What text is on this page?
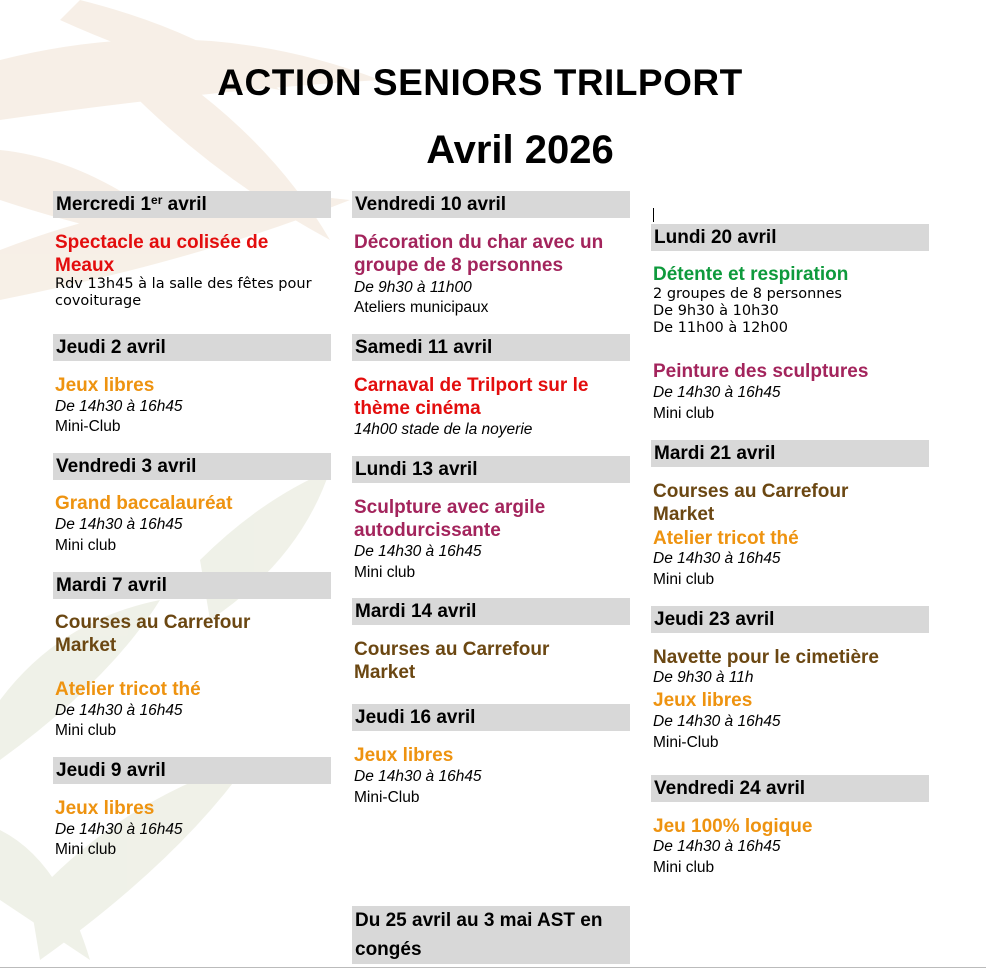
ACTION SENIORS TRILPORT
Avril 2026
Mercredi 1er avril
Spectacle au colisée de Meaux
Rdv 13h45 à la salle des fêtes pour covoiturage
Jeudi 2 avril
Jeux libres
De 14h30 à 16h45
Mini-Club
Vendredi 3 avril
Grand baccalauréat
De 14h30 à 16h45
Mini club
Mardi 7 avril
Courses au Carrefour Market
Atelier tricot thé
De 14h30 à 16h45
Mini club
Jeudi 9 avril
Jeux libres
De 14h30 à 16h45
Mini club
Vendredi 10 avril
Décoration du char avec un groupe de 8 personnes
De 9h30 à 11h00
Ateliers municipaux
Samedi 11 avril
Carnaval de Trilport sur le thème cinéma
14h00 stade de la noyerie
Lundi 13 avril
Sculpture avec argile autodurcissante
De 14h30 à 16h45
Mini club
Mardi 14 avril
Courses au Carrefour Market
Jeudi 16 avril
Jeux libres
De 14h30 à 16h45
Mini-Club
Du 25 avril au 3 mai AST en congés
Lundi 20 avril
Détente et respiration
2 groupes de 8 personnes
De 9h30 à 10h30
De 11h00 à 12h00
Peinture des sculptures
De 14h30 à 16h45
Mini club
Mardi 21 avril
Courses au Carrefour Market
Atelier tricot thé
De 14h30 à 16h45
Mini club
Jeudi 23 avril
Navette pour le cimetière
De 9h30 à 11h
Jeux libres
De 14h30 à 16h45
Mini-Club
Vendredi 24 avril
Jeu 100% logique
De 14h30 à 16h45
Mini club
